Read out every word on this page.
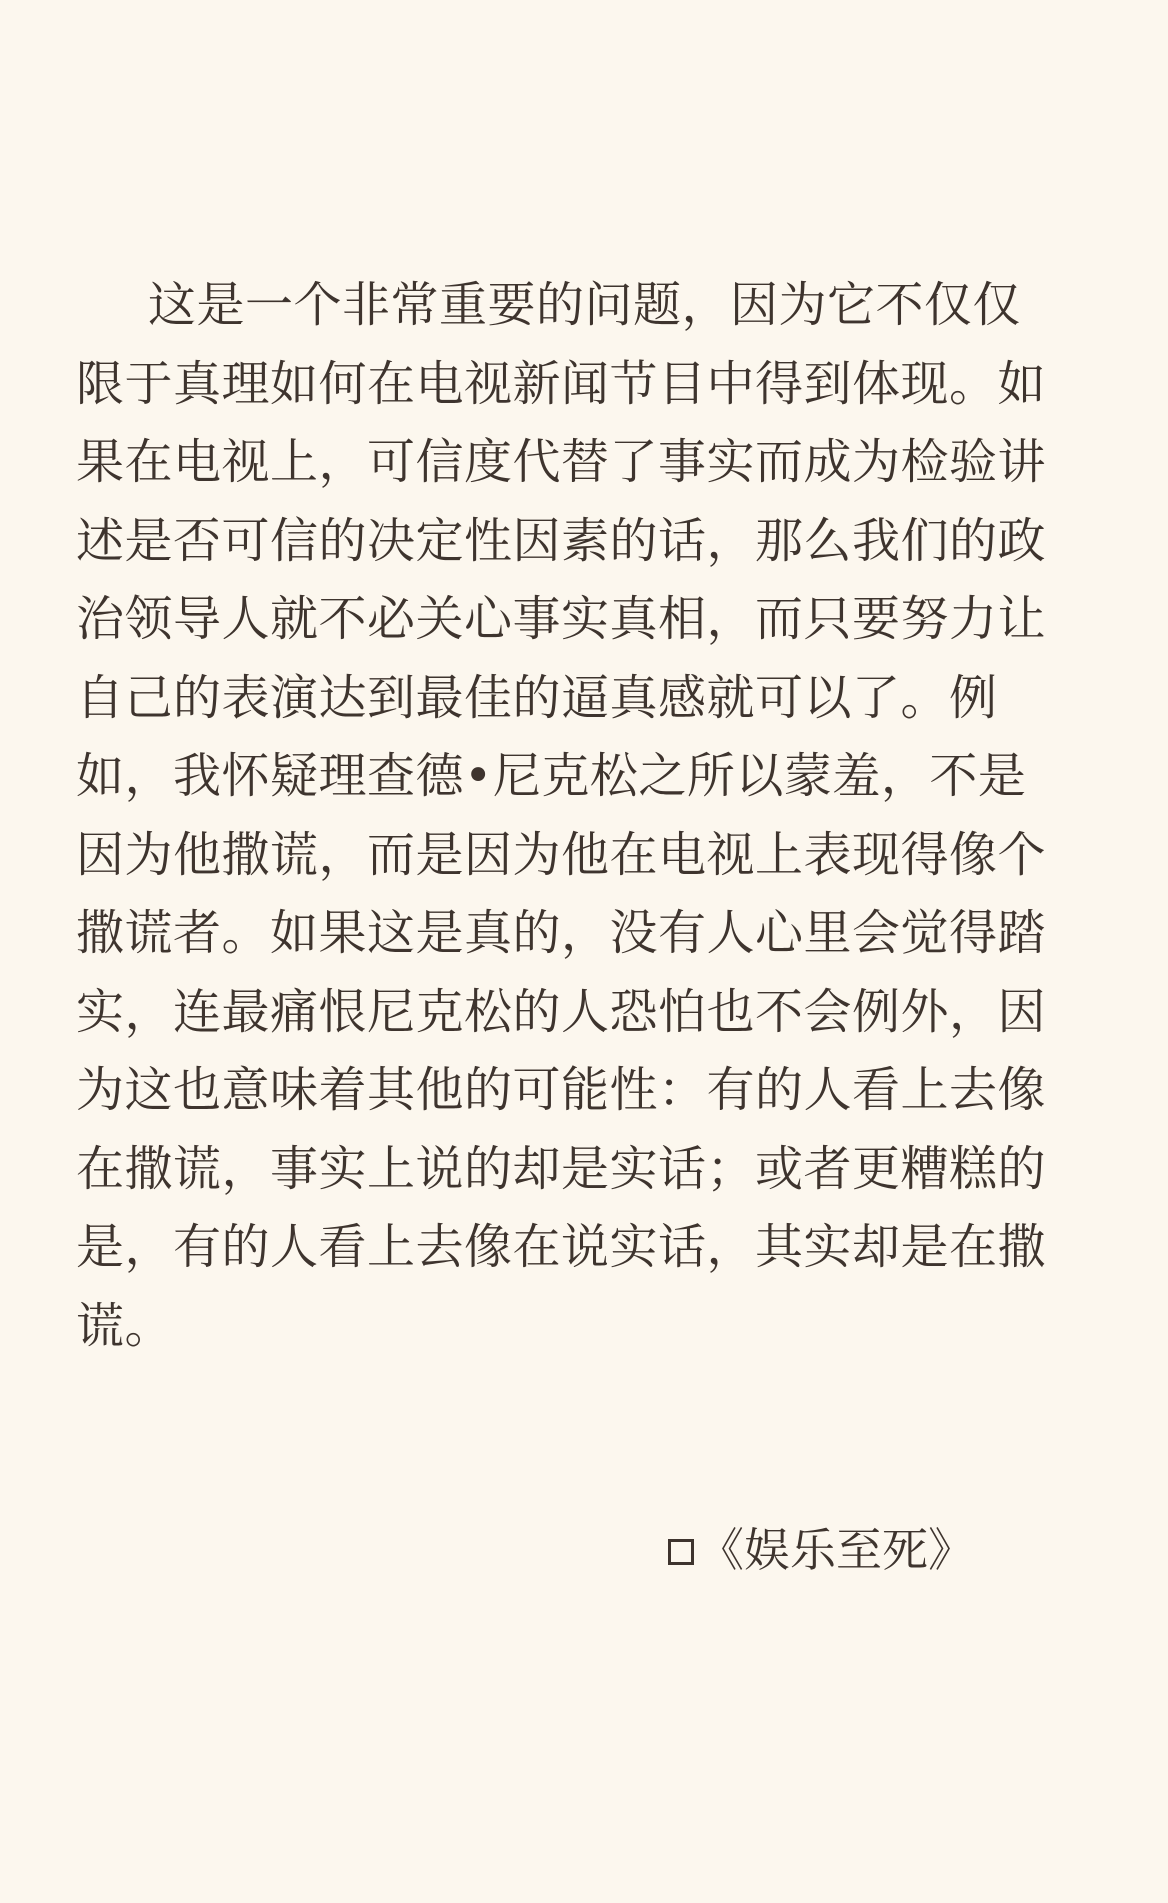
这是一个非常重要的问题，因为它不仅仅
限于真理如何在电视新闻节目中得到体现。如
果在电视上，可信度代替了事实而成为检验讲
述是否可信的决定性因素的话，那么我们的政
治领导人就不必关心事实真相，而只要努力让
自己的表演达到最佳的逼真感就可以了。例
如，我怀疑理查德•尼克松之所以蒙羞，不是
因为他撒谎，而是因为他在电视上表现得像个
撒谎者。如果这是真的，没有人心里会觉得踏
实，连最痛恨尼克松的人恐怕也不会例外，因
为这也意味着其他的可能性：有的人看上去像
在撒谎，事实上说的却是实话；或者更糟糕的
是，有的人看上去像在说实话，其实却是在撒
谎。
《娱乐至死》
